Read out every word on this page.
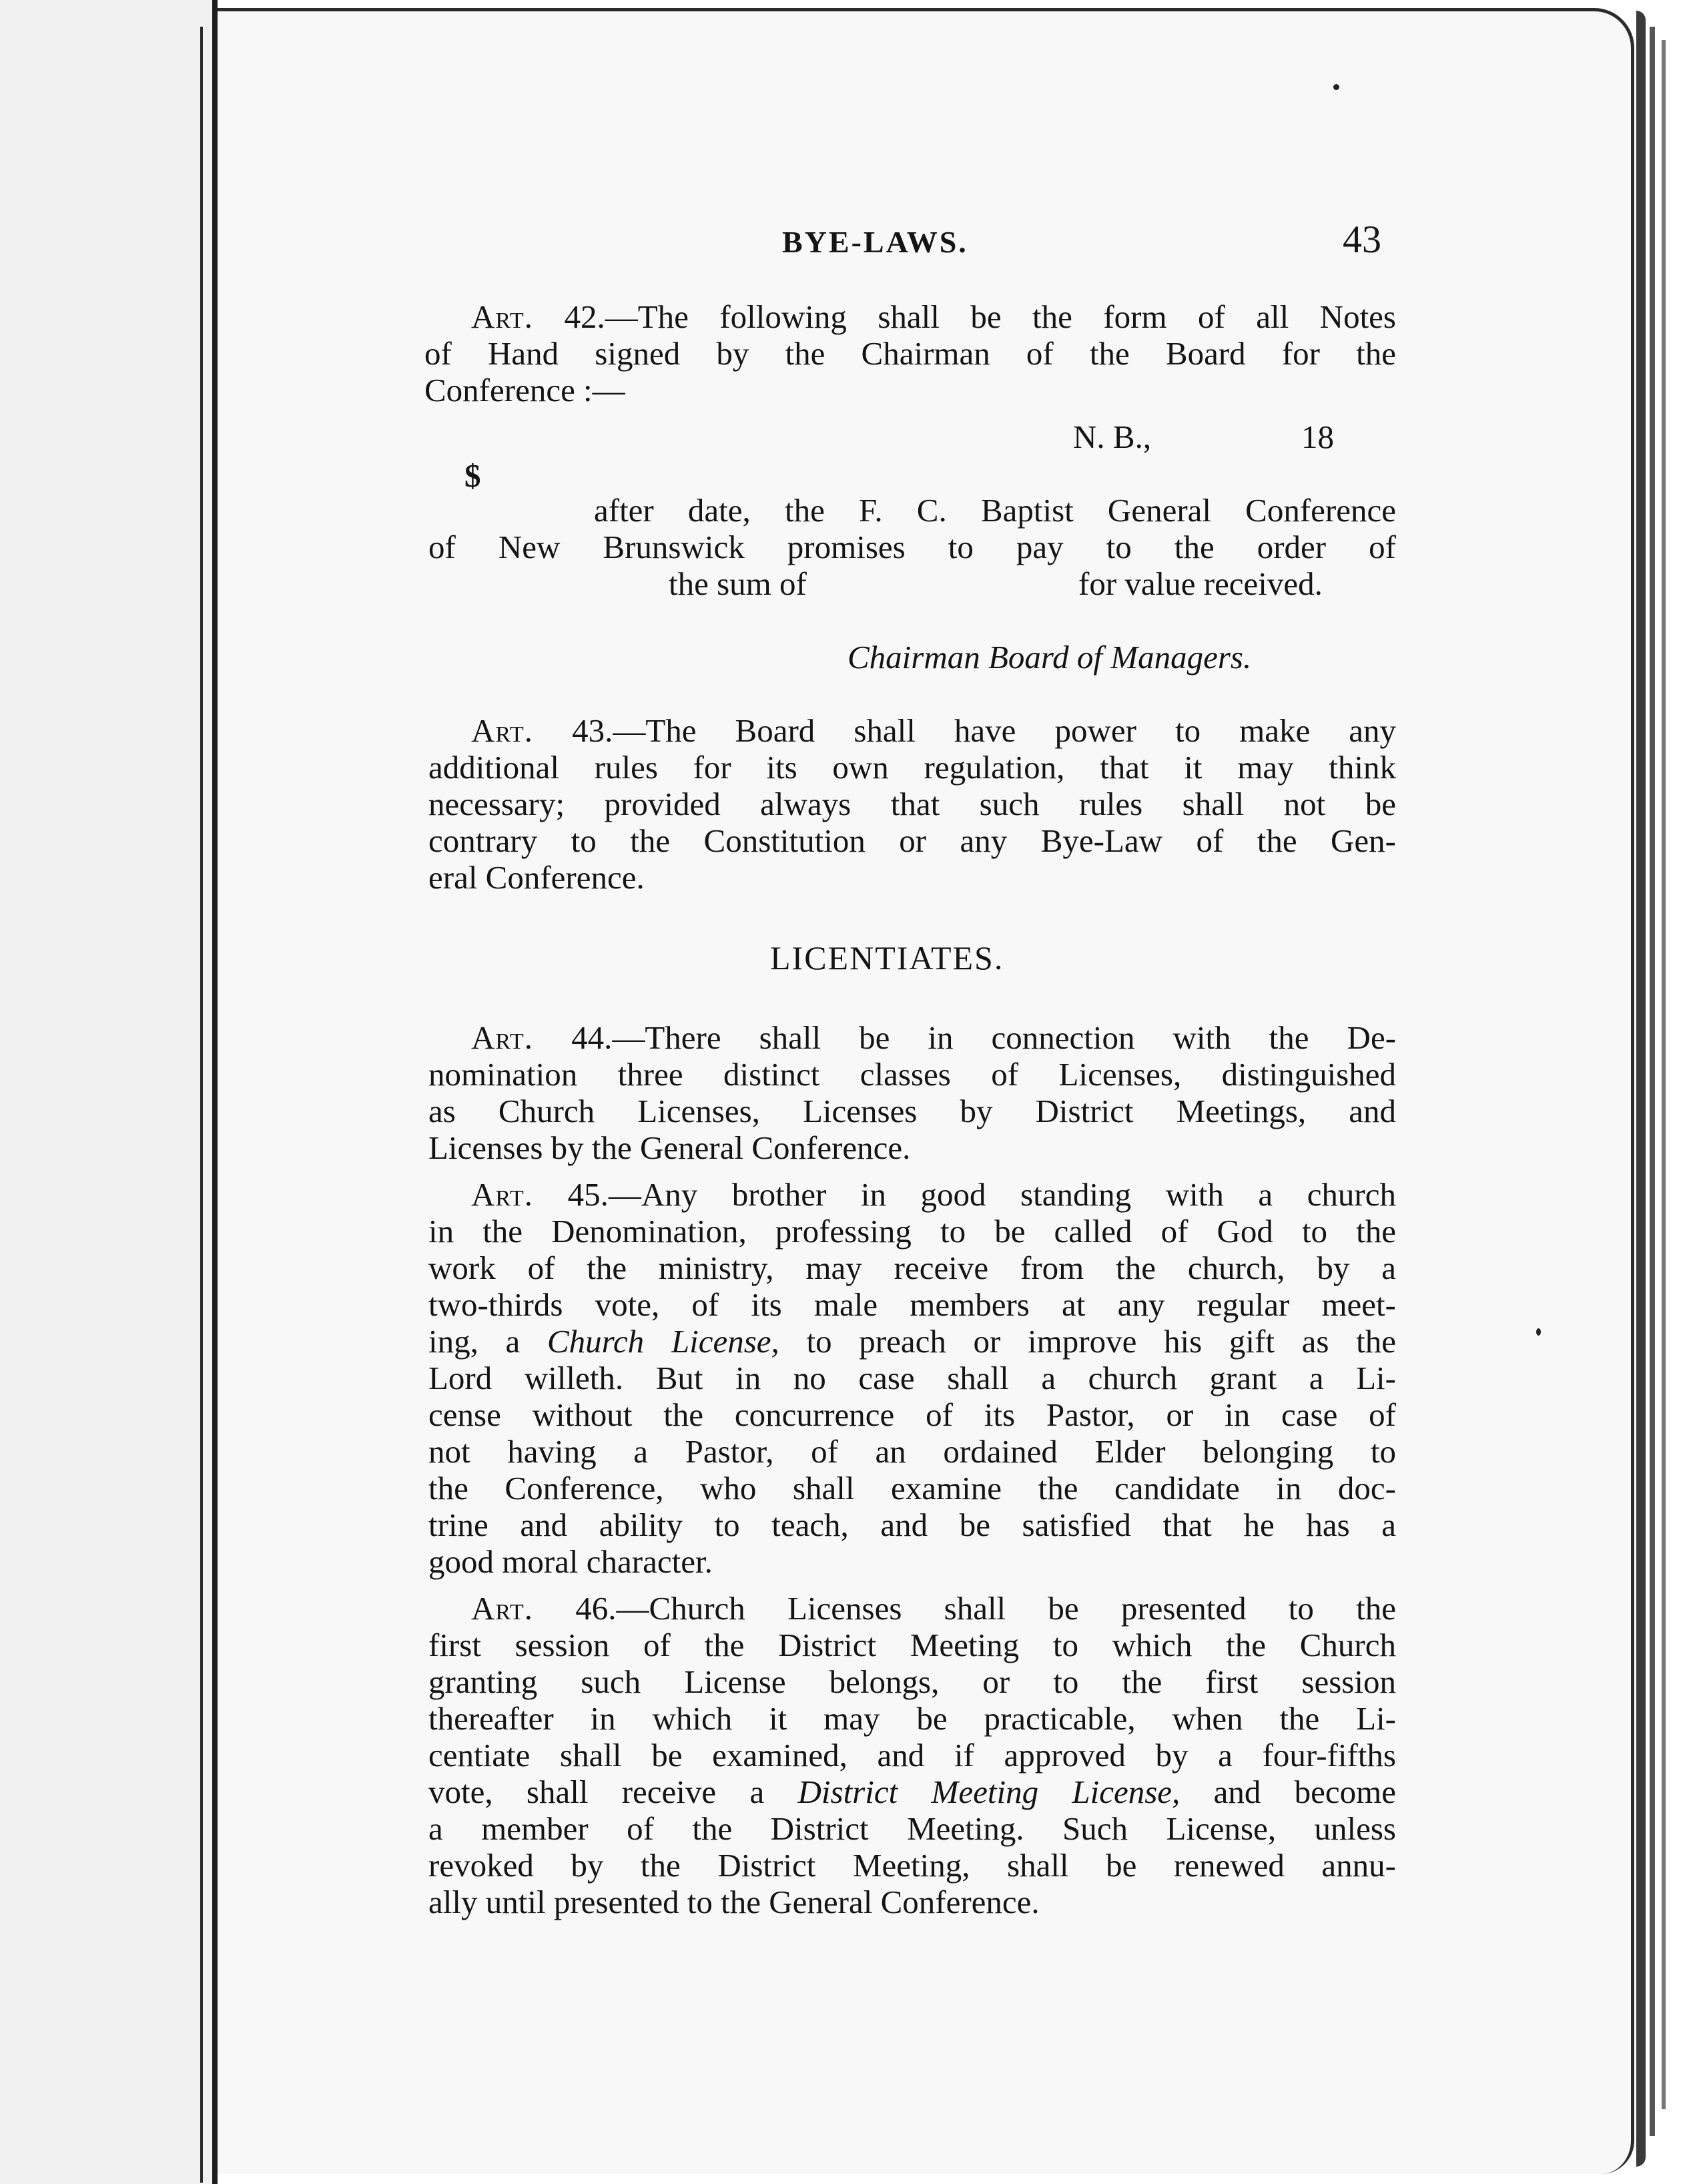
BYE-LAWS.	43
Art. 42.—The following shall be the form of all Notes
of Hand signed by the Chairman of the Board for the
Conference :—
N. B.,	18
$
after date, the F. C. Baptist General Conference
of New Brunswick promises to pay to the order of
the sum of	for value received.
Chairman Board of Managers.
Art. 43.—The Board shall have power to make any
additional rules for its own regulation, that it may think
necessary; provided always that such rules shall not be
contrary to the Constitution or any Bye-Law of the Gen-
eral Conference.
LICENTIATES.
Art. 44.—There shall be in connection with the De-
nomination three distinct classes of Licenses, distinguished
as Church Licenses, Licenses by District Meetings, and
Licenses by the General Conference.
Art. 45.—Any brother in good standing with a church
in the Denomination, professing to be called of God to the
work of the ministry, may receive from the church, by a
two-thirds vote, of its male members at any regular meet-
ing, a Church License, to preach or improve his gift as the
Lord willeth. But in no case shall a church grant a Li-
cense without the concurrence of its Pastor, or in case of
not having a Pastor, of an ordained Elder belonging to
the Conference, who shall examine the candidate in doc-
trine and ability to teach, and be satisfied that he has a
good moral character.
Art. 46.—Church Licenses shall be presented to the
first session of the District Meeting to which the Church
granting such License belongs, or to the first session
thereafter in which it may be practicable, when the Li-
centiate shall be examined, and if approved by a four-fifths
vote, shall receive a District Meeting License, and become
a member of the District Meeting. Such License, unless
revoked by the District Meeting, shall be renewed annu-
ally until presented to the General Conference.
